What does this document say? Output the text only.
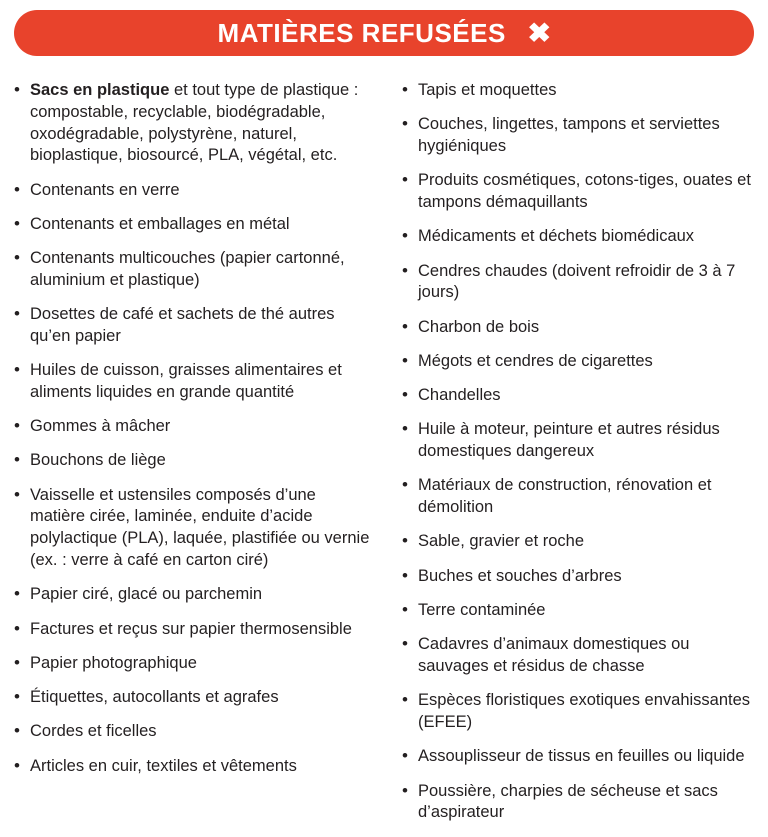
MATIÈRES REFUSÉES ✖
• Sacs en plastique et tout type de plastique : compostable, recyclable, biodégradable, oxodégradable, polystyrène, naturel, bioplastique, biosourcé, PLA, végétal, etc.
• Contenants en verre
• Contenants et emballages en métal
• Contenants multicouches (papier cartonné, aluminium et plastique)
• Dosettes de café et sachets de thé autres qu’en papier
• Huiles de cuisson, graisses alimentaires et aliments liquides en grande quantité
• Gommes à mâcher
• Bouchons de liège
• Vaisselle et ustensiles composés d’une matière cirée, laminée, enduite d’acide polylactique (PLA), laquée, plastifiée ou vernie (ex. : verre à café en carton ciré)
• Papier ciré, glacé ou parchemin
• Factures et reçus sur papier thermosensible
• Papier photographique
• Étiquettes, autocollants et agrafes
• Cordes et ficelles
• Articles en cuir, textiles et vêtements
• Tapis et moquettes
• Couches, lingettes, tampons et serviettes hygiéniques
• Produits cosmétiques, cotons-tiges, ouates et tampons démaquillants
• Médicaments et déchets biomédicaux
• Cendres chaudes (doivent refroidir de 3 à 7 jours)
• Charbon de bois
• Mégots et cendres de cigarettes
• Chandelles
• Huile à moteur, peinture et autres résidus domestiques dangereux
• Matériaux de construction, rénovation et démolition
• Sable, gravier et roche
• Buches et souches d’arbres
• Terre contaminée
• Cadavres d’animaux domestiques ou sauvages et résidus de chasse
• Espèces floristiques exotiques envahissantes (EFEE)
• Assouplisseur de tissus en feuilles ou liquide
• Poussière, charpies de sécheuse et sacs d’aspirateur
